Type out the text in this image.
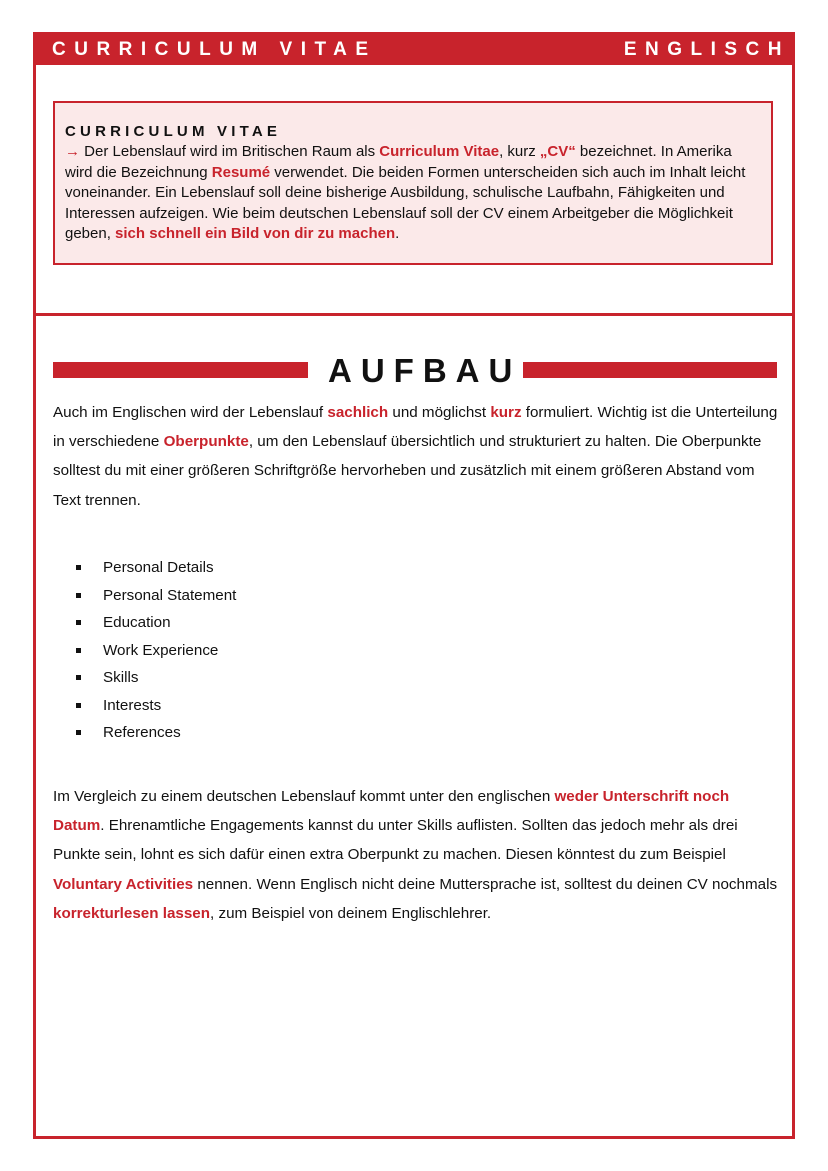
CURRICULUM VITAE	ENGLISCH
CURRICULUM VITAE
→ Der Lebenslauf wird im Britischen Raum als Curriculum Vitae, kurz „CV“ bezeichnet. In Amerika wird die Bezeichnung Resumé verwendet. Die beiden Formen unterscheiden sich auch im Inhalt leicht voneinander. Ein Lebenslauf soll deine bisherige Ausbildung, schulische Laufbahn, Fähigkeiten und Interessen aufzeigen. Wie beim deutschen Lebenslauf soll der CV einem Arbeitgeber die Möglichkeit geben, sich schnell ein Bild von dir zu machen.
AUFBAU
Auch im Englischen wird der Lebenslauf sachlich und möglichst kurz formuliert. Wichtig ist die Unterteilung in verschiedene Oberpunkte, um den Lebenslauf übersichtlich und strukturiert zu halten. Die Oberpunkte solltest du mit einer größeren Schriftgröße hervorheben und zusätzlich mit einem größeren Abstand vom Text trennen.
Personal Details
Personal Statement
Education
Work Experience
Skills
Interests
References
Im Vergleich zu einem deutschen Lebenslauf kommt unter den englischen weder Unterschrift noch Datum. Ehrenamtliche Engagements kannst du unter Skills auflisten. Sollten das jedoch mehr als drei Punkte sein, lohnt es sich dafür einen extra Oberpunkt zu machen. Diesen könntest du zum Beispiel Voluntary Activities nennen. Wenn Englisch nicht deine Muttersprache ist, solltest du deinen CV nochmals korrekturlesen lassen, zum Beispiel von deinem Englischlehrer.
